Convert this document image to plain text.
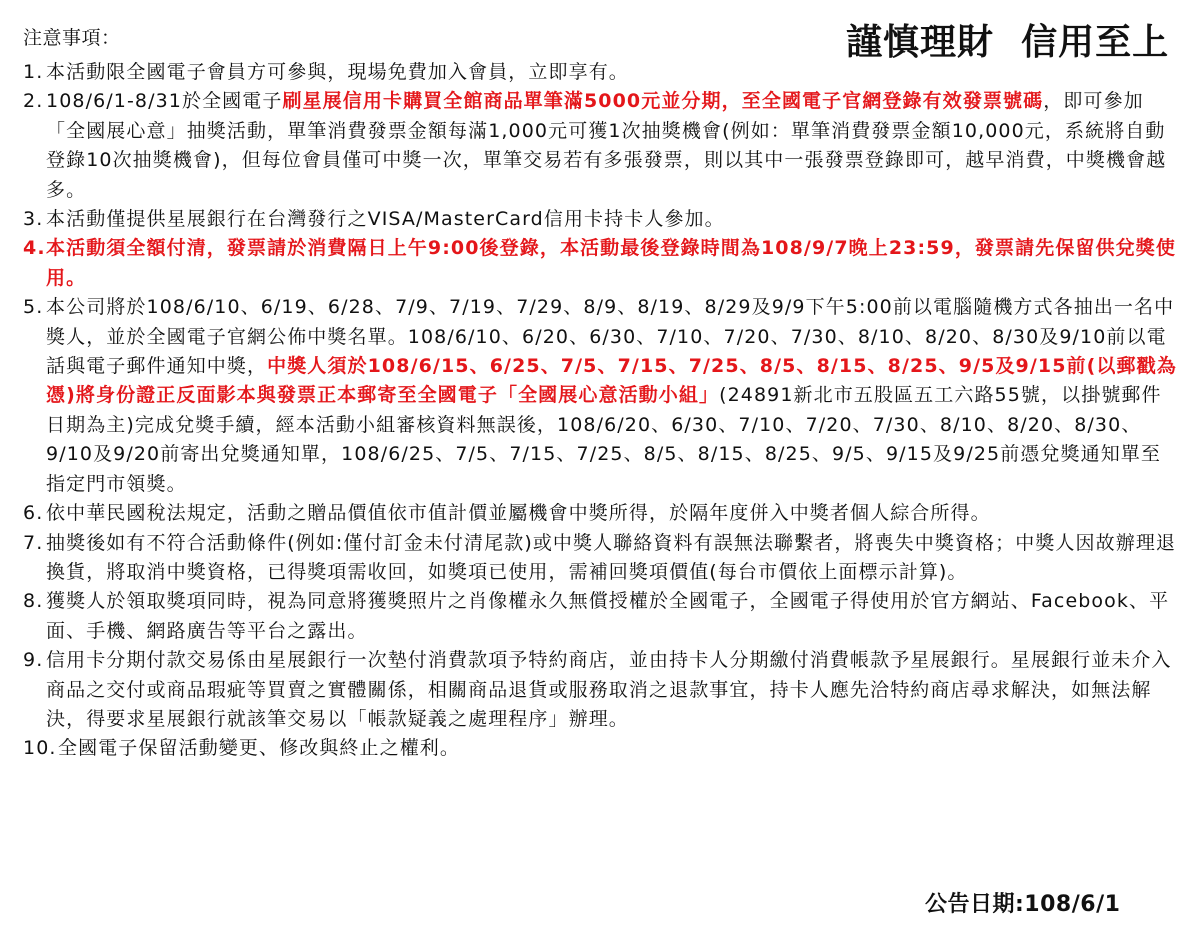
謹慎理財  信用至上
注意事項：

1. 本活動限全國電子會員方可參與，現場免費加入會員，立即享有。

2. 108/6/1-8/31於全國電子刷星展信用卡購買全館商品單筆滿5000元並分期，至全國電子官網登錄有效發票號碼，即可參加「全國展心意」抽獎活動，單筆消費發票金額每滿1,000元可獲1次抽獎機會(例如：單筆消費發票金額10,000元，系統將自動登錄10次抽獎機會)，但每位會員僅可中獎一次，單筆交易若有多張發票，則以其中一張發票登錄即可，越早消費，中獎機會越多。

3. 本活動僅提供星展銀行在台灣發行之VISA/MasterCard信用卡持卡人參加。

4. 本活動須全額付清，發票請於消費隔日上午9:00後登錄，本活動最後登錄時間為108/9/7晚上23:59，發票請先保留供兌獎使用。

5. 本公司將於108/6/10、6/19、6/28、7/9、7/19、7/29、8/9、8/19、8/29及9/9下午5:00前以電腦隨機方式各抽出一名中獎人，並於全國電子官網公佈中獎名單。108/6/10、6/20、6/30、7/10、7/20、7/30、8/10、8/20、8/30及9/10前以電話與電子郵件通知中獎，中獎人須於108/6/15、6/25、7/5、7/15、7/25、8/5、8/15、8/25、9/5及9/15前(以郵戳為憑)將身份證正反面影本與發票正本郵寄至全國電子「全國展心意活動小組」(24891新北市五股區五工六路55號，以掛號郵件日期為主)完成兌獎手續，經本活動小組審核資料無誤後，108/6/20、6/30、7/10、7/20、7/30、8/10、8/20、8/30、9/10及9/20前寄出兌獎通知單，108/6/25、7/5、7/15、7/25、8/5、8/15、8/25、9/5、9/15及9/25前憑兌獎通知單至指定門市領獎。

6. 依中華民國稅法規定，活動之贈品價值依市值計價並屬機會中獎所得，於隔年度併入中獎者個人綜合所得。

7. 抽獎後如有不符合活動條件(例如:僅付訂金未付清尾款)或中獎人聯絡資料有誤無法聯繫者，將喪失中獎資格；中獎人因故辦理退換貨，將取消中獎資格，已得獎項需收回，如獎項已使用，需補回獎項價值(每台市價依上面標示計算)。

8. 獲獎人於領取獎項同時，視為同意將獲獎照片之肖像權永久無償授權於全國電子，全國電子得使用於官方網站、Facebook、平面、手機、網路廣告等平台之露出。

9. 信用卡分期付款交易係由星展銀行一次墊付消費款項予特約商店，並由持卡人分期繳付消費帳款予星展銀行。星展銀行並未介入商品之交付或商品瑕疵等買賣之實體關係，相關商品退貨或服務取消之退款事宜，持卡人應先洽特約商店尋求解決，如無法解決，得要求星展銀行就該筆交易以「帳款疑義之處理程序」辦理。

10. 全國電子保留活動變更、修改與終止之權利。

公告日期:108/6/1
